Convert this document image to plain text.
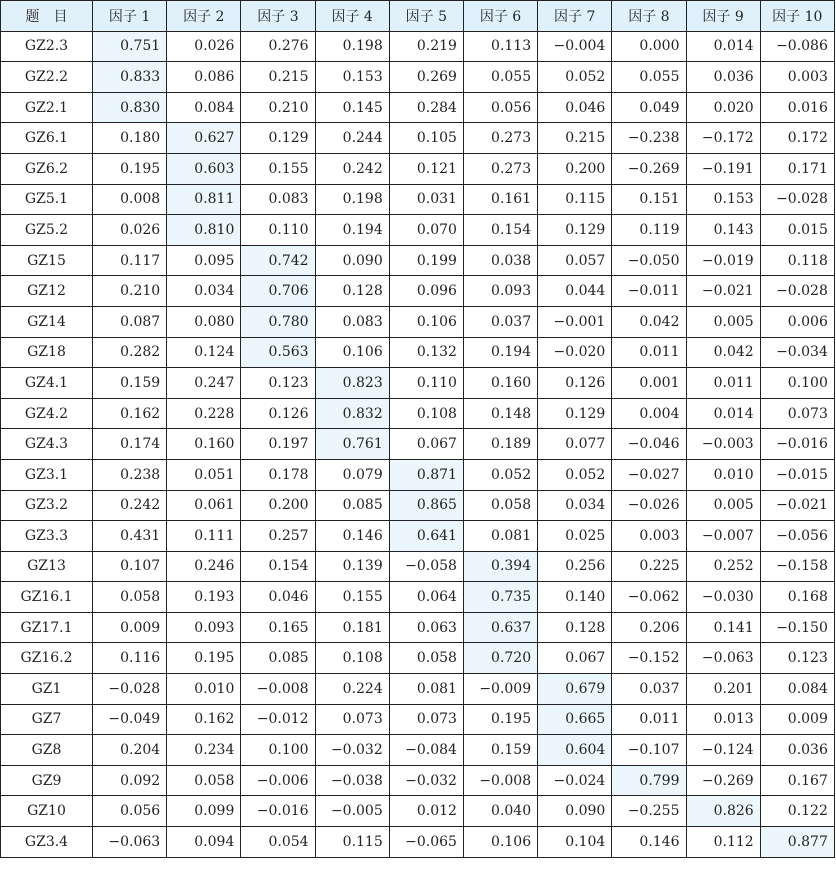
题　目	因子 1	因子 2	因子 3	因子 4	因子 5	因子 6	因子 7	因子 8	因子 9	因子 10
GZ2.3	0.751	0.026	0.276	0.198	0.219	0.113	−0.004	0.000	0.014	−0.086
GZ2.2	0.833	0.086	0.215	0.153	0.269	0.055	0.052	0.055	0.036	0.003
GZ2.1	0.830	0.084	0.210	0.145	0.284	0.056	0.046	0.049	0.020	0.016
GZ6.1	0.180	0.627	0.129	0.244	0.105	0.273	0.215	−0.238	−0.172	0.172
GZ6.2	0.195	0.603	0.155	0.242	0.121	0.273	0.200	−0.269	−0.191	0.171
GZ5.1	0.008	0.811	0.083	0.198	0.031	0.161	0.115	0.151	0.153	−0.028
GZ5.2	0.026	0.810	0.110	0.194	0.070	0.154	0.129	0.119	0.143	0.015
GZ15	0.117	0.095	0.742	0.090	0.199	0.038	0.057	−0.050	−0.019	0.118
GZ12	0.210	0.034	0.706	0.128	0.096	0.093	0.044	−0.011	−0.021	−0.028
GZ14	0.087	0.080	0.780	0.083	0.106	0.037	−0.001	0.042	0.005	0.006
GZ18	0.282	0.124	0.563	0.106	0.132	0.194	−0.020	0.011	0.042	−0.034
GZ4.1	0.159	0.247	0.123	0.823	0.110	0.160	0.126	0.001	0.011	0.100
GZ4.2	0.162	0.228	0.126	0.832	0.108	0.148	0.129	0.004	0.014	0.073
GZ4.3	0.174	0.160	0.197	0.761	0.067	0.189	0.077	−0.046	−0.003	−0.016
GZ3.1	0.238	0.051	0.178	0.079	0.871	0.052	0.052	−0.027	0.010	−0.015
GZ3.2	0.242	0.061	0.200	0.085	0.865	0.058	0.034	−0.026	0.005	−0.021
GZ3.3	0.431	0.111	0.257	0.146	0.641	0.081	0.025	0.003	−0.007	−0.056
GZ13	0.107	0.246	0.154	0.139	−0.058	0.394	0.256	0.225	0.252	−0.158
GZ16.1	0.058	0.193	0.046	0.155	0.064	0.735	0.140	−0.062	−0.030	0.168
GZ17.1	0.009	0.093	0.165	0.181	0.063	0.637	0.128	0.206	0.141	−0.150
GZ16.2	0.116	0.195	0.085	0.108	0.058	0.720	0.067	−0.152	−0.063	0.123
GZ1	−0.028	0.010	−0.008	0.224	0.081	−0.009	0.679	0.037	0.201	0.084
GZ7	−0.049	0.162	−0.012	0.073	0.073	0.195	0.665	0.011	0.013	0.009
GZ8	0.204	0.234	0.100	−0.032	−0.084	0.159	0.604	−0.107	−0.124	0.036
GZ9	0.092	0.058	−0.006	−0.038	−0.032	−0.008	−0.024	0.799	−0.269	0.167
GZ10	0.056	0.099	−0.016	−0.005	0.012	0.040	0.090	−0.255	0.826	0.122
GZ3.4	−0.063	0.094	0.054	0.115	−0.065	0.106	0.104	0.146	0.112	0.877
